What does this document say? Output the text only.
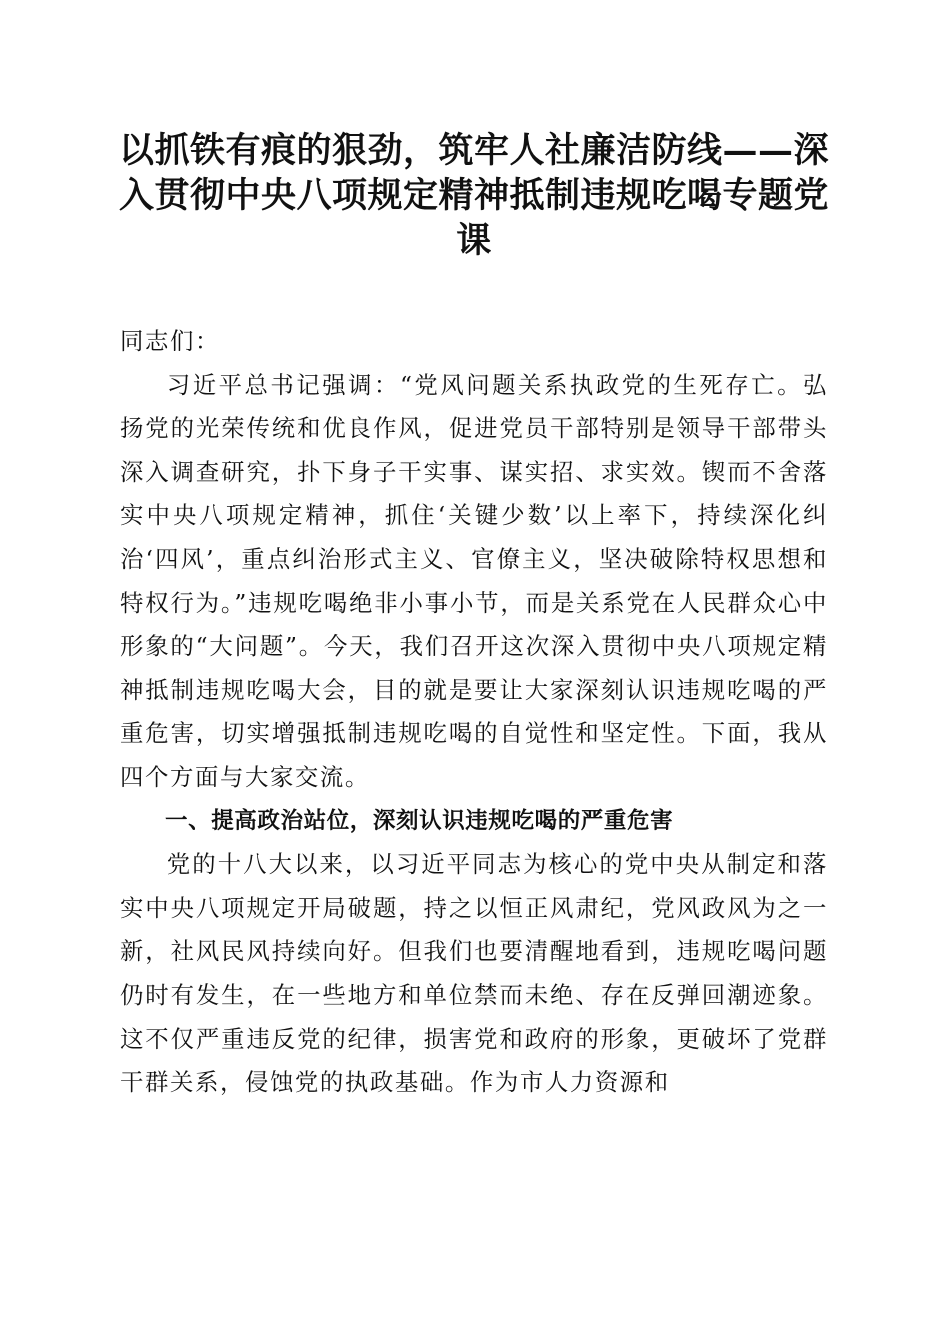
以抓铁有痕的狠劲，筑牢人社廉洁防线——深入贯彻中央八项规定精神抵制违规吃喝专题党课

同志们：

习近平总书记强调：“党风问题关系执政党的生死存亡。弘扬党的光荣传统和优良作风，促进党员干部特别是领导干部带头深入调查研究，扑下身子干实事、谋实招、求实效。锲而不舍落实中央八项规定精神，抓住‘关键少数’以上率下，持续深化纠治‘四风’，重点纠治形式主义、官僚主义，坚决破除特权思想和特权行为。”违规吃喝绝非小事小节，而是关系党在人民群众心中形象的“大问题”。今天，我们召开这次深入贯彻中央八项规定精神抵制违规吃喝大会，目的就是要让大家深刻认识违规吃喝的严重危害，切实增强抵制违规吃喝的自觉性和坚定性。下面，我从四个方面与大家交流。

一、提高政治站位，深刻认识违规吃喝的严重危害

党的十八大以来，以习近平同志为核心的党中央从制定和落实中央八项规定开局破题，持之以恒正风肃纪，党风政风为之一新，社风民风持续向好。但我们也要清醒地看到，违规吃喝问题仍时有发生，在一些地方和单位禁而未绝、存在反弹回潮迹象。这不仅严重违反党的纪律，损害党和政府的形象，更破坏了党群干群关系，侵蚀党的执政基础。作为市人力资源和
